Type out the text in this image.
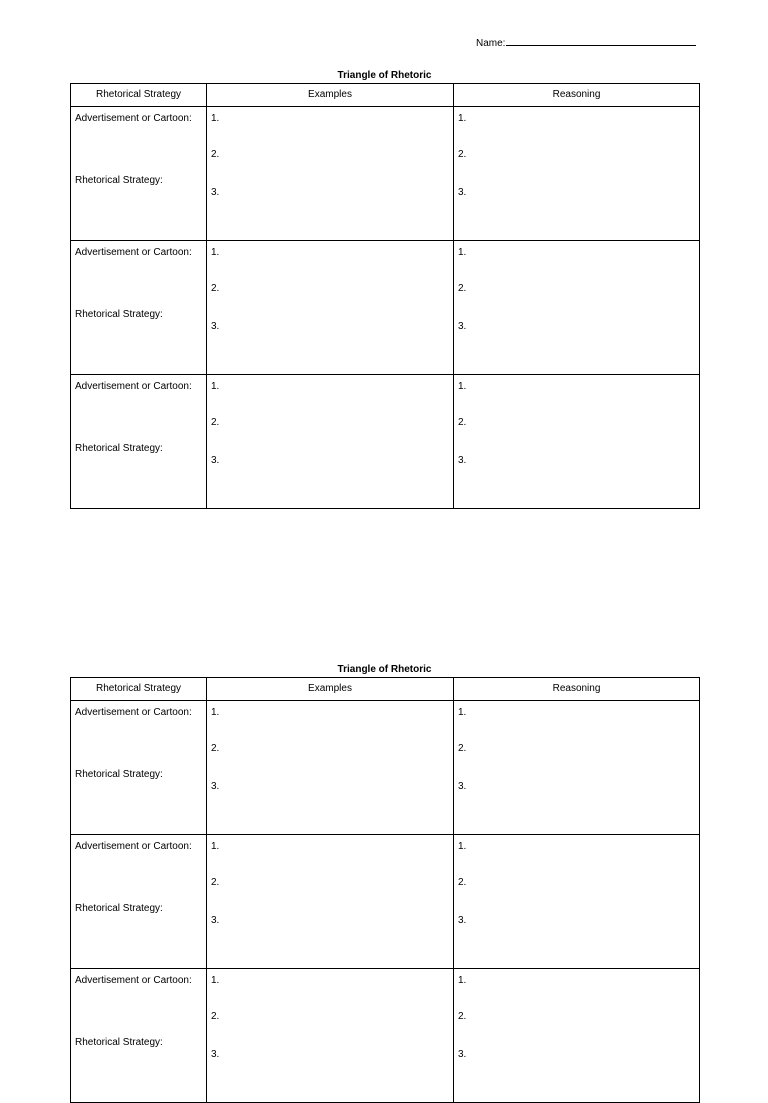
Name:
Triangle of Rhetoric
Rhetorical Strategy	Examples	Reasoning

Advertisement or Cartoon:
Rhetorical Strategy:	1.
2.
3.	1.
2.
3.

Advertisement or Cartoon:
Rhetorical Strategy:	1.
2.
3.	1.
2.
3.

Advertisement or Cartoon:
Rhetorical Strategy:	1.
2.
3.	1.
2.
3.
Triangle of Rhetoric
Rhetorical Strategy	Examples	Reasoning

Advertisement or Cartoon:
Rhetorical Strategy:	1.
2.
3.	1.
2.
3.

Advertisement or Cartoon:
Rhetorical Strategy:	1.
2.
3.	1.
2.
3.

Advertisement or Cartoon:
Rhetorical Strategy:	1.
2.
3.	1.
2.
3.
